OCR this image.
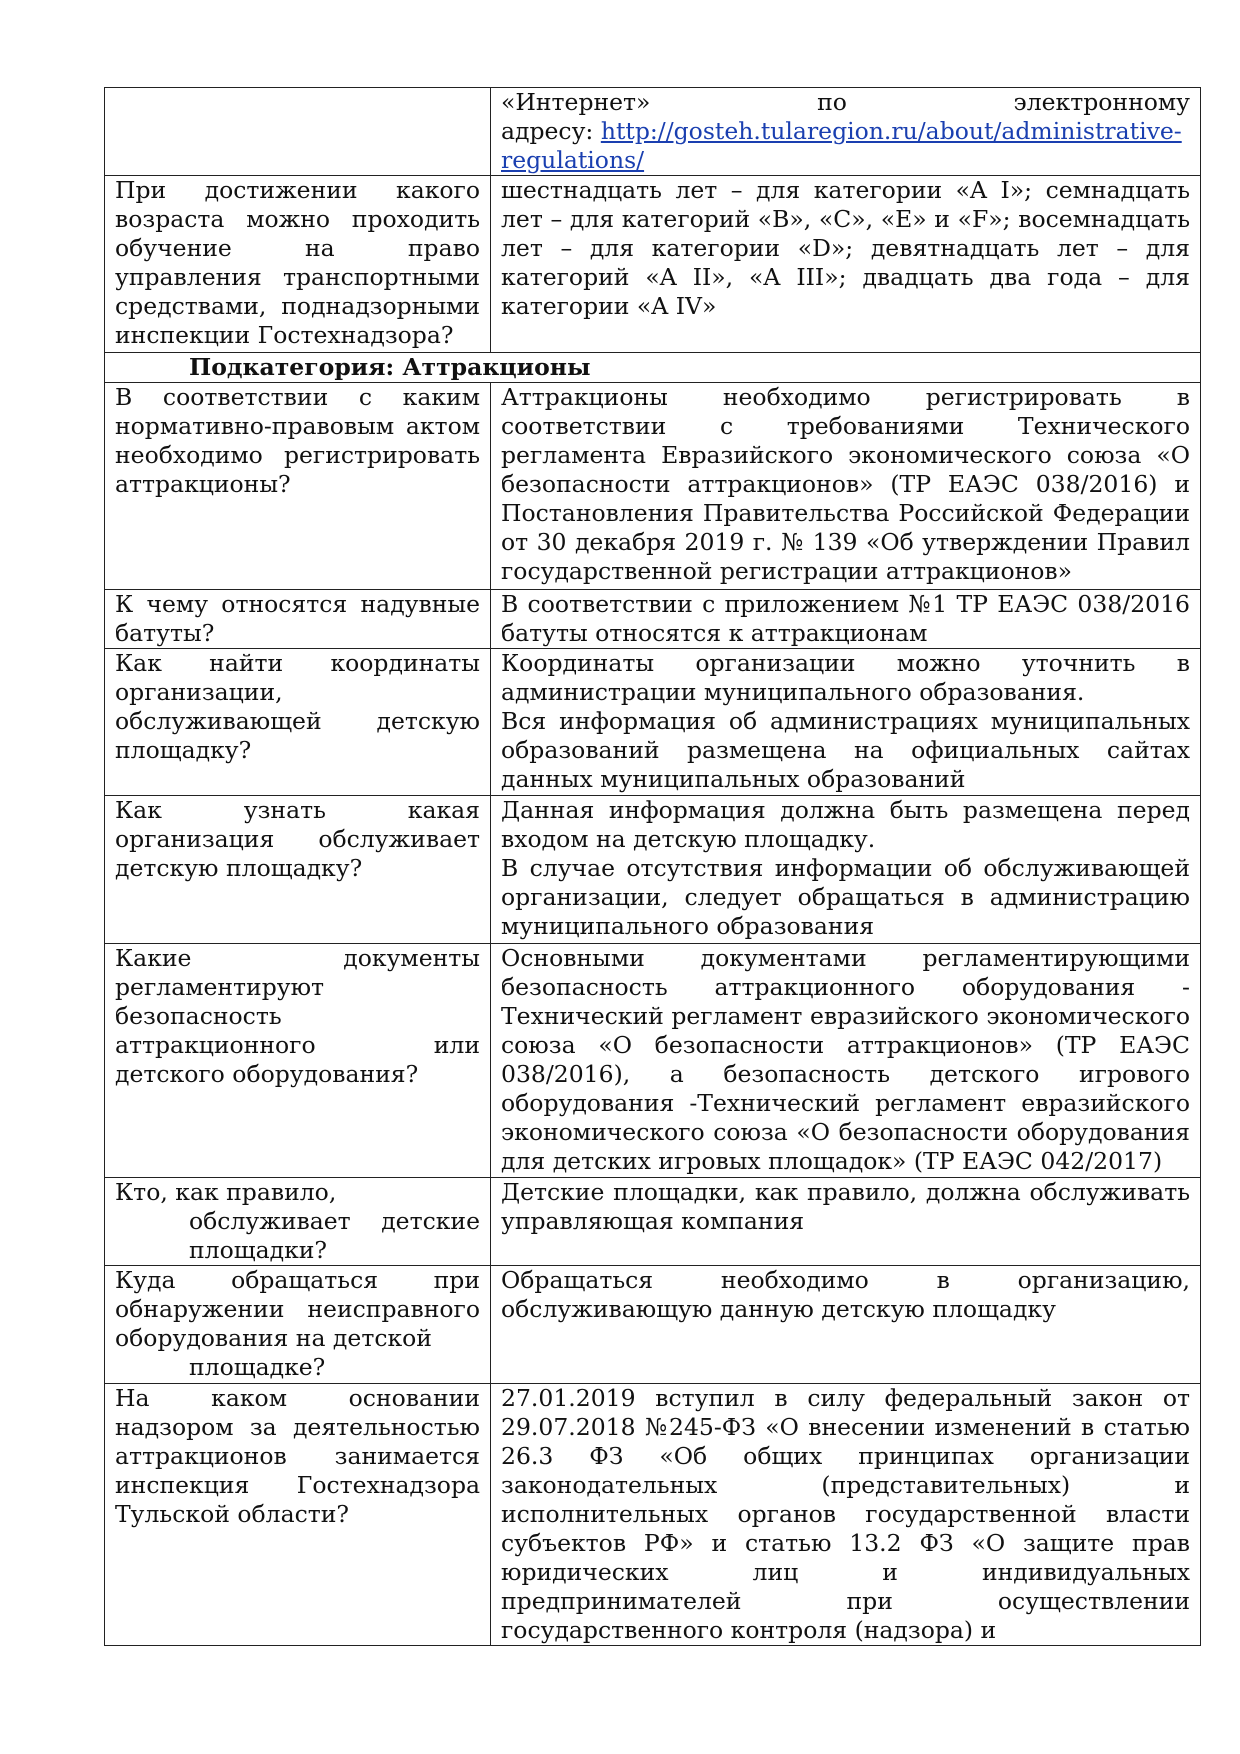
	«Интернет»                      по                      электронному
адресу: http://gosteh.tularegion.ru/about/administrative-regulations/
При достижении какого возраста можно проходить обучение на право управления транспортными средствами, поднадзорными инспекции Гостехнадзора?	шестнадцать лет – для категории «A I»; семнадцать лет – для категорий «B», «C», «E» и «F»; восемнадцать лет – для категории «D»; девятнадцать лет – для категорий «A II», «A III»; двадцать два года – для категории «A IV»
Подкатегория: Аттракционы	
В соответствии с каким нормативно-правовым актом необходимо регистрировать аттракционы?	Аттракционы необходимо регистрировать в соответствии с требованиями Технического регламента Евразийского экономического союза «О безопасности аттракционов» (ТР ЕАЭС 038/2016) и Постановления Правительства Российской Федерации от 30 декабря 2019 г. № 139 «Об утверждении Правил государственной регистрации аттракционов»
К чему относятся надувные батуты?	В соответствии с приложением №1 ТР ЕАЭС 038/2016 батуты относятся к аттракционам
Как найти координаты организации, обслуживающей детскую площадку?	Координаты организации можно уточнить в администрации муниципального образования.
Вся информация об администрациях муниципальных образований размещена на официальных сайтах данных муниципальных образований

Как узнать какая организация обслуживает детскую площадку?	Данная информация должна быть размещена перед входом на детскую площадку.
В случае отсутствия информации об обслуживающей организации, следует обращаться в администрацию муниципального образования

Какие документы регламентируют безопасность аттракционного или детского оборудования?	Основными документами регламентирующими безопасность аттракционного оборудования - Технический регламент евразийского экономического союза «О безопасности аттракционов» (ТР ЕАЭС 038/2016), а безопасность детского игрового оборудования -Технический регламент евразийского экономического союза «О безопасности оборудования для детских игровых площадок» (ТР ЕАЭС 042/2017)

Кто, как правило,
обслуживает детские площадки?	Детские площадки, как правило, должна обслуживать управляющая компания

Куда обращаться при обнаружении неисправного оборудования на детской
площадке?	Обращаться необходимо в организацию, обслуживающую данную детскую площадку
На каком основании надзором за деятельностью аттракционов занимается инспекция Гостехнадзора Тульской области?	27.01.2019 вступил в силу федеральный закон от 29.07.2018 №245-ФЗ «О внесении изменений в статью 26.3 ФЗ «Об общих принципах организации законодательных (представительных) и исполнительных органов государственной власти субъектов РФ» и статью 13.2 ФЗ «О защите прав юридических лиц и индивидуальных предпринимателей при осуществлении государственного контроля (надзора) и
